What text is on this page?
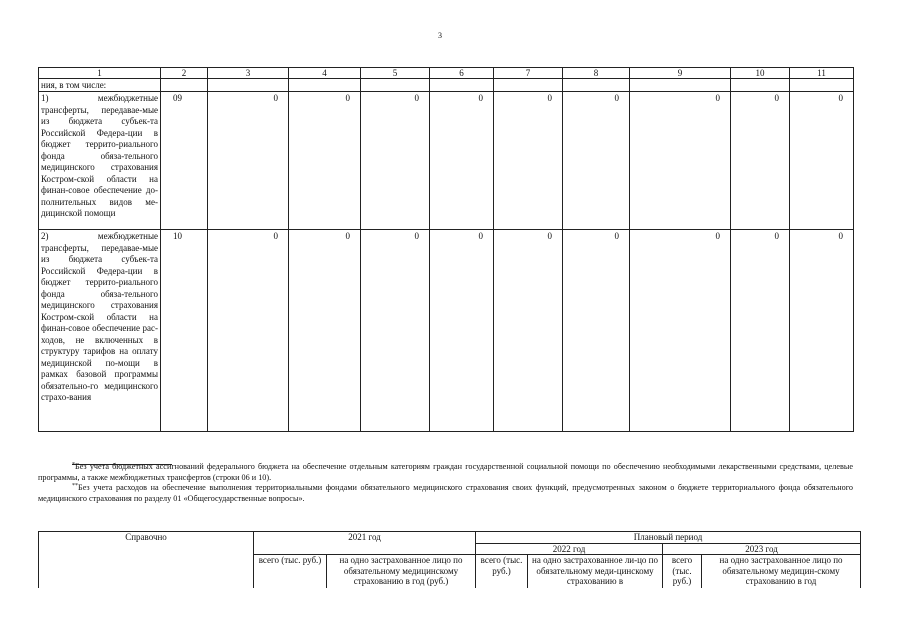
3
1	2	3	4	5	6	7	8	9	10	11
ния, в том числе:										
1) межбюджетные трансферты, передавае-мые из бюджета субъек-та Российской Федера-ции в бюджет террито-риального фонда обяза-тельного медицинского страхования Костром-ской области на финан-совое обеспечение до-полнительных видов ме-дицинской помощи	09	0	0	0	0	0	0	0	0	0
2) межбюджетные трансферты, передавае-мые из бюджета субъек-та Российской Федера-ции в бюджет террито-риального фонда обяза-тельного медицинского страхования Костром-ской области на финан-совое обеспечение рас-ходов, не включенных в структуру тарифов на оплату медицинской по-мощи в рамках базовой программы обязательно-го медицинского страхо-вания	10	0	0	0	0	0	0	0	0	0

*Без учета бюджетных ассигнований федерального бюджета на обеспечение отдельным категориям граждан государственной социальной помощи по обеспечению необходимыми лекарственными средствами, целевые программы, а также межбюджетных трансфертов (строки 06 и 10).

**Без учета расходов на обеспечение выполнения территориальными фондами обязательного медицинского страхования своих функций, предусмотренных законом о бюджете территориального фонда обязательного медицинского страхования по разделу 01 «Общегосударственные вопросы».

Справочно	2021 год		Плановый период			
			2022 год		2023 год	
	всего (тыс. руб.)	на одно застрахованное лицо по обязательному медицинскому страхованию в год (руб.)	всего (тыс. руб.)	на одно застрахованное ли-цо по обязательному меди-цинскому страхованию в	всего (тыс. руб.)	на одно застрахованное лицо по обязательному медицин-скому страхованию в год
